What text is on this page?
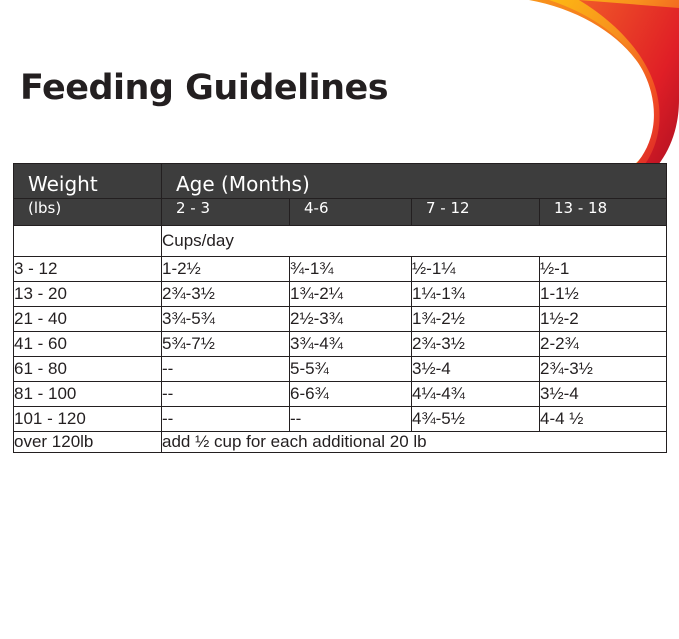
Feeding Guidelines
Weight	Age (Months)			
(lbs)	2 - 3	4-6	7 - 12	13 - 18
	Cups/day			
3 - 12	1-2½	¾-1¾	½-1¼	½-1
13 - 20	2¾-3½	1¾-2¼	1¼-1¾	1-1½
21 - 40	3¾-5¾	2½-3¾	1¾-2½	1½-2
41 - 60	5¾-7½	3¾-4¾	2¾-3½	2-2¾
61 - 80	--	5-5¾	3½-4	2¾-3½
81 - 100	--	6-6¾	4¼-4¾	3½-4
101 - 120	--	--	4¾-5½	4-4 ½
over 120lb	add ½ cup for each additional 20 lb			
